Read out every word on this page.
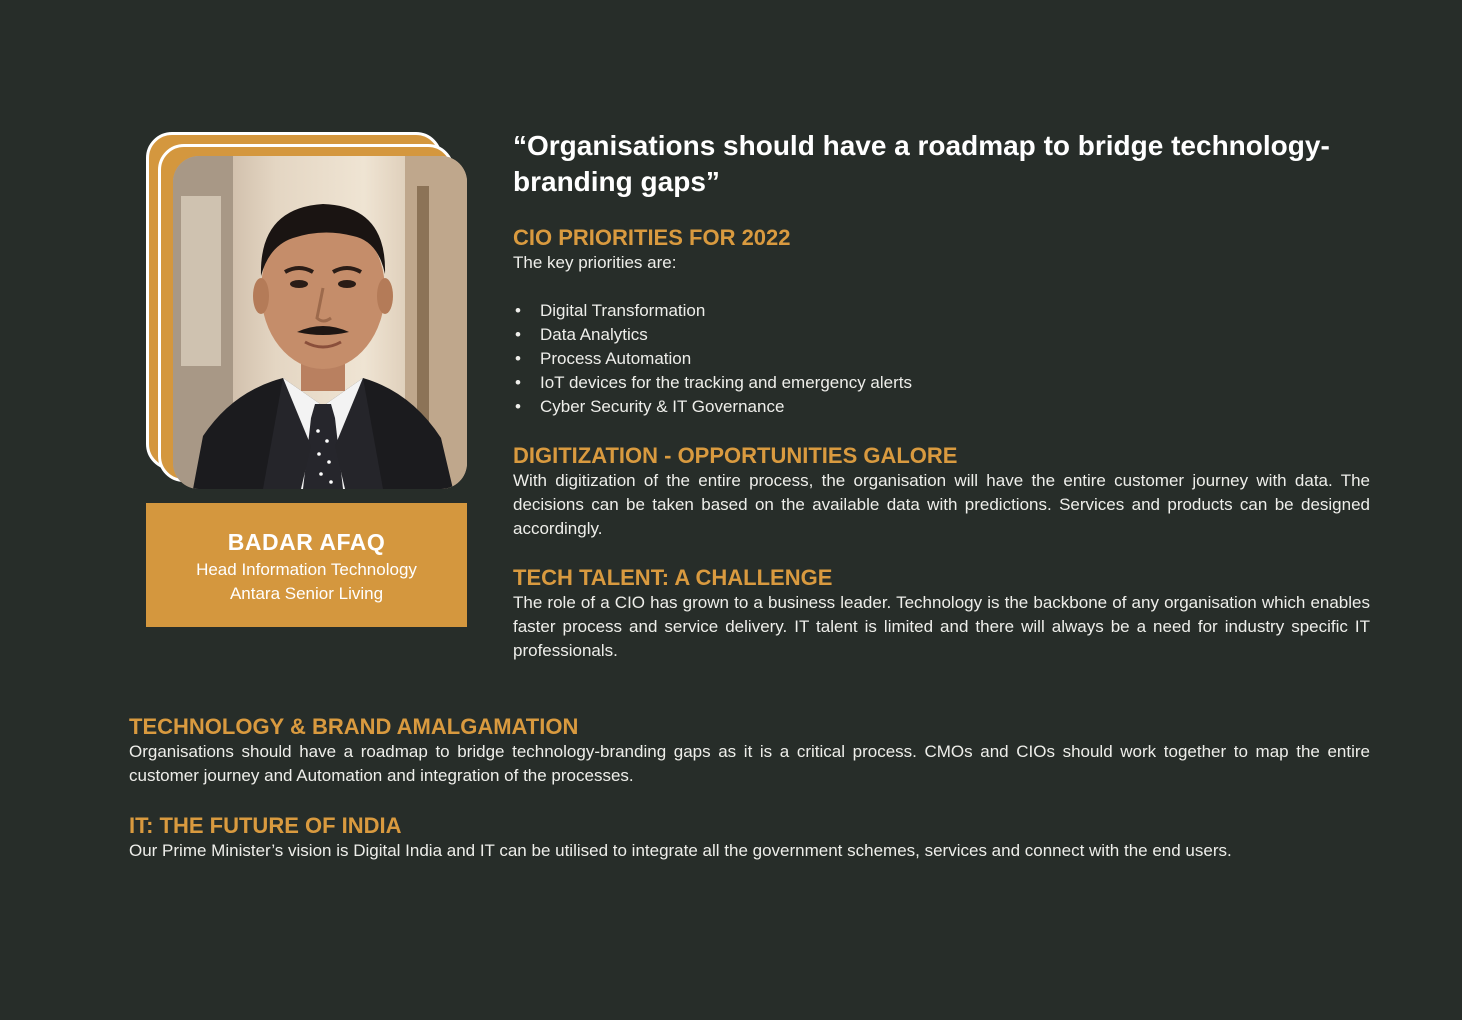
BADAR AFAQ
Head Information Technology
Antara Senior Living
“Organisations should have a roadmap to bridge technology-branding gaps”
CIO PRIORITIES FOR 2022

The key priorities are:

• Digital Transformation
• Data Analytics
• Process Automation
• IoT devices for the tracking and emergency alerts
• Cyber Security & IT Governance
DIGITIZATION - OPPORTUNITIES GALORE

With digitization of the entire process, the organisation will have the entire customer journey with data. The decisions can be taken based on the available data with predictions. Services and products can be designed accordingly.

TECH TALENT: A CHALLENGE

The role of a CIO has grown to a business leader. Technology is the backbone of any organisation which enables faster process and service delivery. IT talent is limited and there will always be a need for industry specific IT professionals.

TECHNOLOGY & BRAND AMALGAMATION

Organisations should have a roadmap to bridge technology-branding gaps as it is a critical process. CMOs and CIOs should work together to map the entire customer journey and Automation and integration of the processes.

IT: THE FUTURE OF INDIA

Our Prime Minister’s vision is Digital India and IT can be utilised to integrate all the government schemes, services and connect with the end users.
